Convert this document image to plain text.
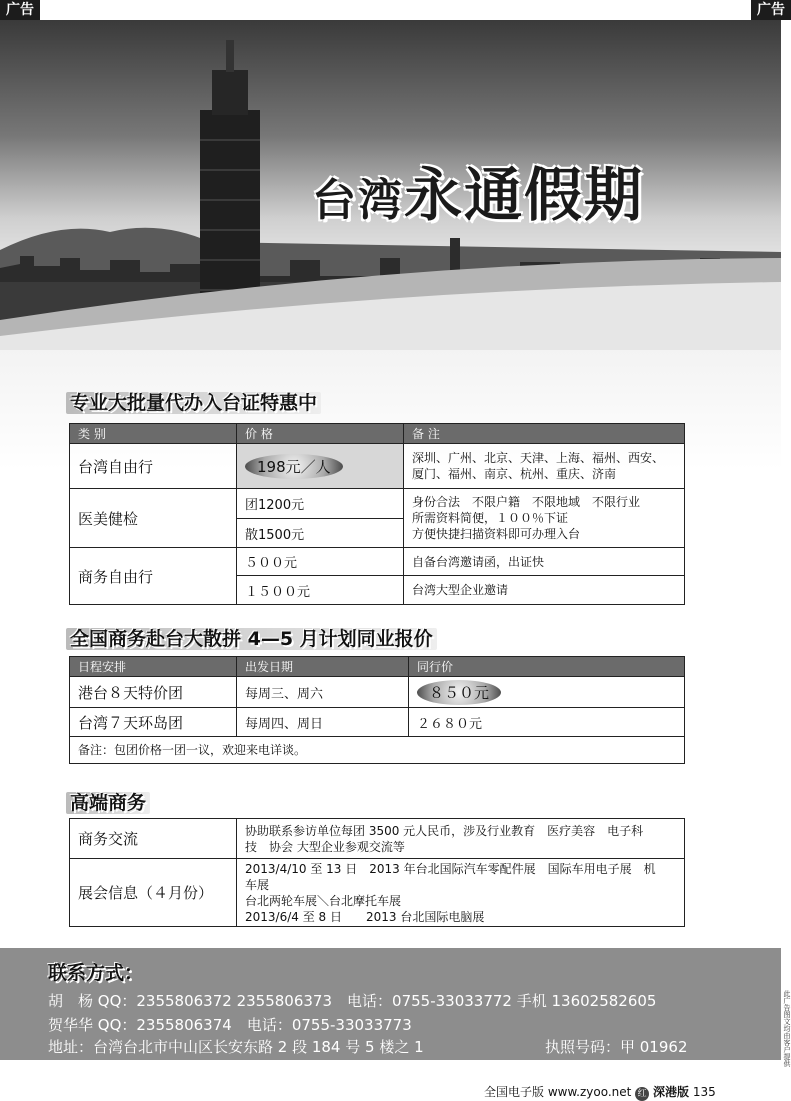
广告	广告
台湾永通假期
专业大批量代办入台证特惠中
类 别	价 格	备 注
台湾自由行	198元／人	深圳、广州、北京、天津、上海、福州、西安、
厦门、福州、南京、杭州、重庆、济南
医美健检	团1200元	身份合法　不限户籍　不限地域　不限行业
所需资料简便，１００％下证
方便快捷扫描资料即可办理入台
	散1500元	
商务自由行	５００元	自备台湾邀请函，出证快
	１５００元	台湾大型企业邀请
全国商务赴台大散拼 4—5 月计划同业报价
日程安排	出发日期	同行价
港台８天特价团	每周三、周六	８５０元
台湾７天环岛团	每周四、周日	２６８０元
备注：包团价格一团一议，欢迎来电详谈。		
高端商务
商务交流	协助联系参访单位每团 3500 元人民币，涉及行业教育　医疗美容　电子科
技　协会 大型企业参观交流等
展会信息（４月份）	2013/4/10 至 13 日　2013 年台北国际汽车零配件展　国际车用电子展　机
车展
台北两轮车展＼台北摩托车展
2013/6/4 至 8 日　　2013 台北国际电脑展
联系方式：
胡　杨 QQ：2355806372 2355806373　电话：0755-33033772 手机 13602582605
贺华华 QQ：2355806374　电话：0755-33033773
地址：台湾台北市中山区长安东路 2 段 184 号 5 楼之 1	执照号码：甲 01962
全国电子版 www.zyoo.net 红 深港版 135
此广告图文均由客户提供
